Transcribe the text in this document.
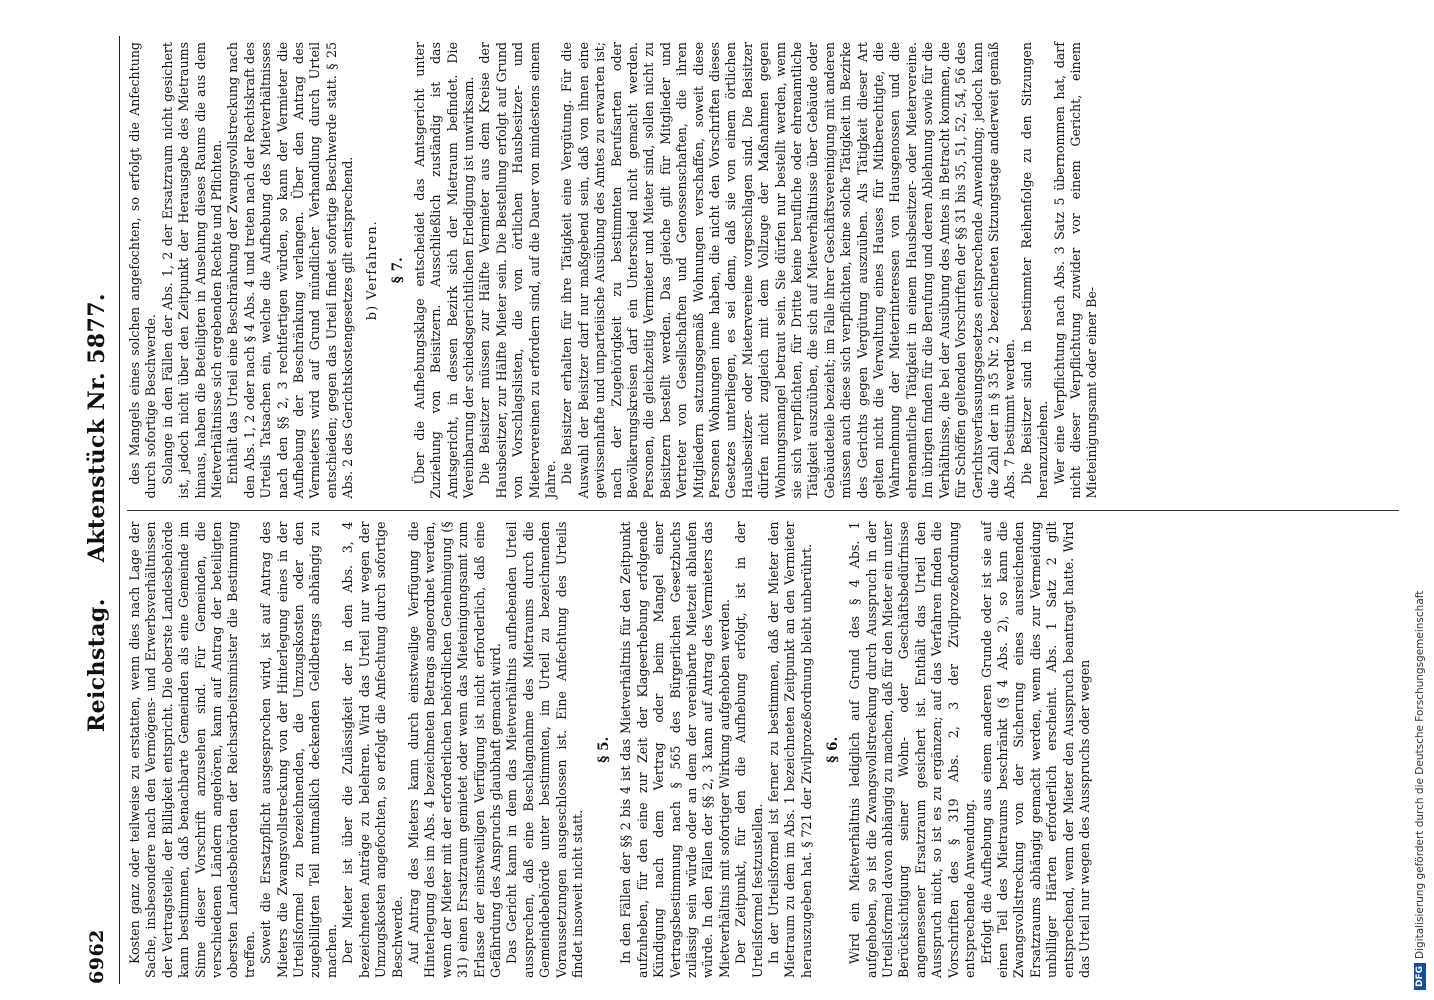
6962
Reichstag.Aktenstück Nr. 5877.

Kosten ganz oder teilweise zu erstatten, wenn dies nach Lage der Sache, insbesondere nach den Vermögens- und Erwerbsverhältnissen der Vertragsteile, der Billigkeit entspricht. Die oberste Landesbehörde kann bestimmen, daß benachbarte Gemeinden als eine Gemeinde im Sinne dieser Vorschrift anzusehen sind. Für Gemeinden, die verschiedenen Ländern angehören, kann auf Antrag der beteiligten obersten Landesbehörden der Reichsarbeitsminister die Bestimmung treffen. Soweit die Ersatzpflicht ausgesprochen wird, ist auf Antrag des Mieters die Zwangsvollstreckung von der Hinterlegung eines in der Urteilsformel zu bezeichnenden, die Umzugskosten oder den zugebilligten Teil mutmaßlich deckenden Geldbetrags abhängig zu machen. Der Mieter ist über die Zulässigkeit der in den Abs. 3, 4 bezeichneten Anträge zu belehren. Wird das Urteil nur wegen der Umzugskosten angefochten, so erfolgt die Anfechtung durch sofortige Beschwerde. Auf Antrag des Mieters kann durch einstweilige Verfügung die Hinterlegung des im Abs. 4 bezeichneten Betrags angeordnet werden, wenn der Mieter mit der erforderlichen behördlichen Genehmigung (§ 31) einen Ersatzraum gemietet oder wenn das Mieteinigungsamt zum Erlasse der einstweiligen Verfügung ist nicht erforderlich, daß eine Gefährdung des Anspruchs glaubhaft gemacht wird. Das Gericht kann in dem das Mietverhältnis aufhebenden Urteil aussprechen, daß eine Beschlagnahme des Mietraums durch die Gemeindebehörde unter bestimmten, im Urteil zu bezeichnenden Voraussetzungen ausgeschlossen ist. Eine Anfechtung des Urteils findet insoweit nicht statt.

§ 5. In den Fällen der §§ 2 bis 4 ist das Mietverhältnis für den Zeitpunkt aufzuheben, für den eine zur Zeit der Klageerhebung erfolgende Kündigung nach dem Vertrag oder beim Mangel einer Vertragsbestimmung nach § 565 des Bürgerlichen Gesetzbuchs zulässig sein würde oder an dem der vereinbarte Mietzeit ablaufen würde. In den Fällen der §§ 2, 3 kann auf Antrag des Vermieters das Mietverhältnis mit sofortiger Wirkung aufgehoben werden. Der Zeitpunkt, für den die Aufhebung erfolgt, ist in der Urteilsformel festzustellen. In der Urteilsformel ist ferner zu bestimmen, daß der Mieter den Mietraum zu dem im Abs. 1 bezeichneten Zeitpunkt an den Vermieter herauszugeben hat. § 721 der Zivilprozeßordnung bleibt unberührt. § 6. Wird ein Mietverhältnis lediglich auf Grund des § 4 Abs. 1 aufgehoben, so ist die Zwangsvollstreckung durch Ausspruch in der Urteilsformel davon abhängig zu machen, daß für den Mieter ein unter Berücksichtigung seiner Wohn- oder Geschäftsbedürfnisse angemessener Ersatzraum gesichert ist. Enthält das Urteil den Ausspruch nicht, so ist es zu ergänzen; auf das Verfahren finden die Vorschriften des § 319 Abs. 2, 3 der Zivilprozeßordnung entsprechende Anwendung. Erfolgt die Aufhebung aus einem anderen Grunde oder ist sie auf einen Teil des Mietraums beschränkt (§ 4 Abs. 2), so kann die Zwangsvollstreckung von der Sicherung eines ausreichenden Ersatzraums abhängig gemacht werden, wenn dies zur Vermeidung unbilliger Härten erforderlich erscheint. Abs. 1 Satz 2 gilt entsprechend, wenn der Mieter den Ausspruch beantragt hatte. Wird das Urteil nur wegen des Ausspruchs oder wegen

des Mangels eines solchen angefochten, so erfolgt die Anfechtung durch sofortige Beschwerde. Solange in den Fällen der Abs. 1, 2 der Ersatzraum nicht gesichert ist, jedoch nicht über den Zeitpunkt der Herausgabe des Mietraums hinaus, haben die Beteiligten in Ansehung dieses Raums die aus dem Mietverhältnisse sich ergebenden Rechte und Pflichten. Enthält das Urteil eine Beschränkung der Zwangsvollstreckung nach den Abs. 1, 2 oder nach § 4 Abs. 4 und treten nach der Rechtskraft des Urteils Tatsachen ein, welche die Aufhebung des Mietverhältnisses nach den §§ 2, 3 rechtfertigen würden, so kann der Vermieter die Aufhebung der Beschränkung verlangen. Über den Antrag des Vermieters wird auf Grund mündlicher Verhandlung durch Urteil entschieden; gegen das Urteil findet sofortige Beschwerde statt. § 25 Abs. 2 des Gerichtskostengesetzes gilt entsprechend. b) Verfahren. § 7. Über die Aufhebungsklage entscheidet das Amtsgericht unter Zuziehung von Beisitzern. Ausschließlich zuständig ist das Amtsgericht, in dessen Bezirk sich der Mietraum befindet. Die Vereinbarung der schiedsgerichtlichen Erledigung ist unwirksam. Die Beisitzer müssen zur Hälfte Vermieter aus dem Kreise der Hausbesitzer, zur Hälfte Mieter sein. Die Bestellung erfolgt auf Grund von Vorschlagslisten, die von örtlichen Hausbesitzer- und Mietervereinen zu erfordern sind, auf die Dauer von mindestens einem Jahre. Die Beisitzer erhalten für ihre Tätigkeit eine Vergütung. Für die Auswahl der Beisitzer darf nur maßgebend sein, daß von ihnen eine gewissenhafte und unparteiische Ausübung des Amtes zu erwarten ist; nach der Zugehörigkeit zu bestimmten Berufsarten oder Bevölkerungskreisen darf ein Unterschied nicht gemacht werden. Personen, die gleichzeitig Vermieter und Mieter sind, sollen nicht zu Beisitzern bestellt werden. Das gleiche gilt für Mitglieder und Vertreter von Gesellschaften und Genossenschaften, die ihren Mitgliedern satzungsgemäß Wohnungen verschaffen, soweit diese Personen Wohnungen inne haben, die nicht den Vorschriften dieses Gesetzes unterliegen, es sei denn, daß sie von einem örtlichen Hausbesitzer- oder Mietervereine vorgeschlagen sind. Die Beisitzer dürfen nicht zugleich mit dem Vollzuge der Maßnahmen gegen Wohnungsmangel betraut sein. Sie dürfen nur bestellt werden, wenn sie sich verpflichten, für Dritte keine berufliche oder ehrenamtliche Tätigkeit auszuüben, die sich auf Mietverhältnisse über Gebäude oder Gebäudeteile bezieht; im Falle ihrer Geschäftsvereinigung mit anderen müssen auch diese sich verpflichten, keine solche Tätigkeit im Bezirke des Gerichts gegen Vergütung auszuüben. Als Tätigkeit dieser Art gelten nicht die Verwaltung eines Hauses für Mitberechtigte, die Wahrnehmung der Mieterinteressen von Hausgenossen und die ehrenamtliche Tätigkeit in einem Hausbesitzer- oder Mietervereine. Im übrigen finden für die Berufung und deren Ablehnung sowie für die Verhältnisse, die bei der Ausübung des Amtes in Betracht kommen, die für Schöffen geltenden Vorschriften der §§ 31 bis 35, 51, 52, 54, 56 des Gerichtsverfassungsgesetzes entsprechende Anwendung; jedoch kann die Zahl der in § 35 Nr. 2 bezeichneten Sitzungstage anderweit gemäß Abs. 7 bestimmt werden. Die Beisitzer sind in bestimmter Reihenfolge zu den Sitzungen heranzuziehen. Wer eine Verpflichtung nach Abs. 3 Satz 5 übernommen hat, darf nicht dieser Verpflichtung zuwider vor einem Gericht, einem Mieteinigungsamt oder einer Be-

DFG
Digitalisierung gefördert durch die Deutsche Forschungsgemeinschaft
